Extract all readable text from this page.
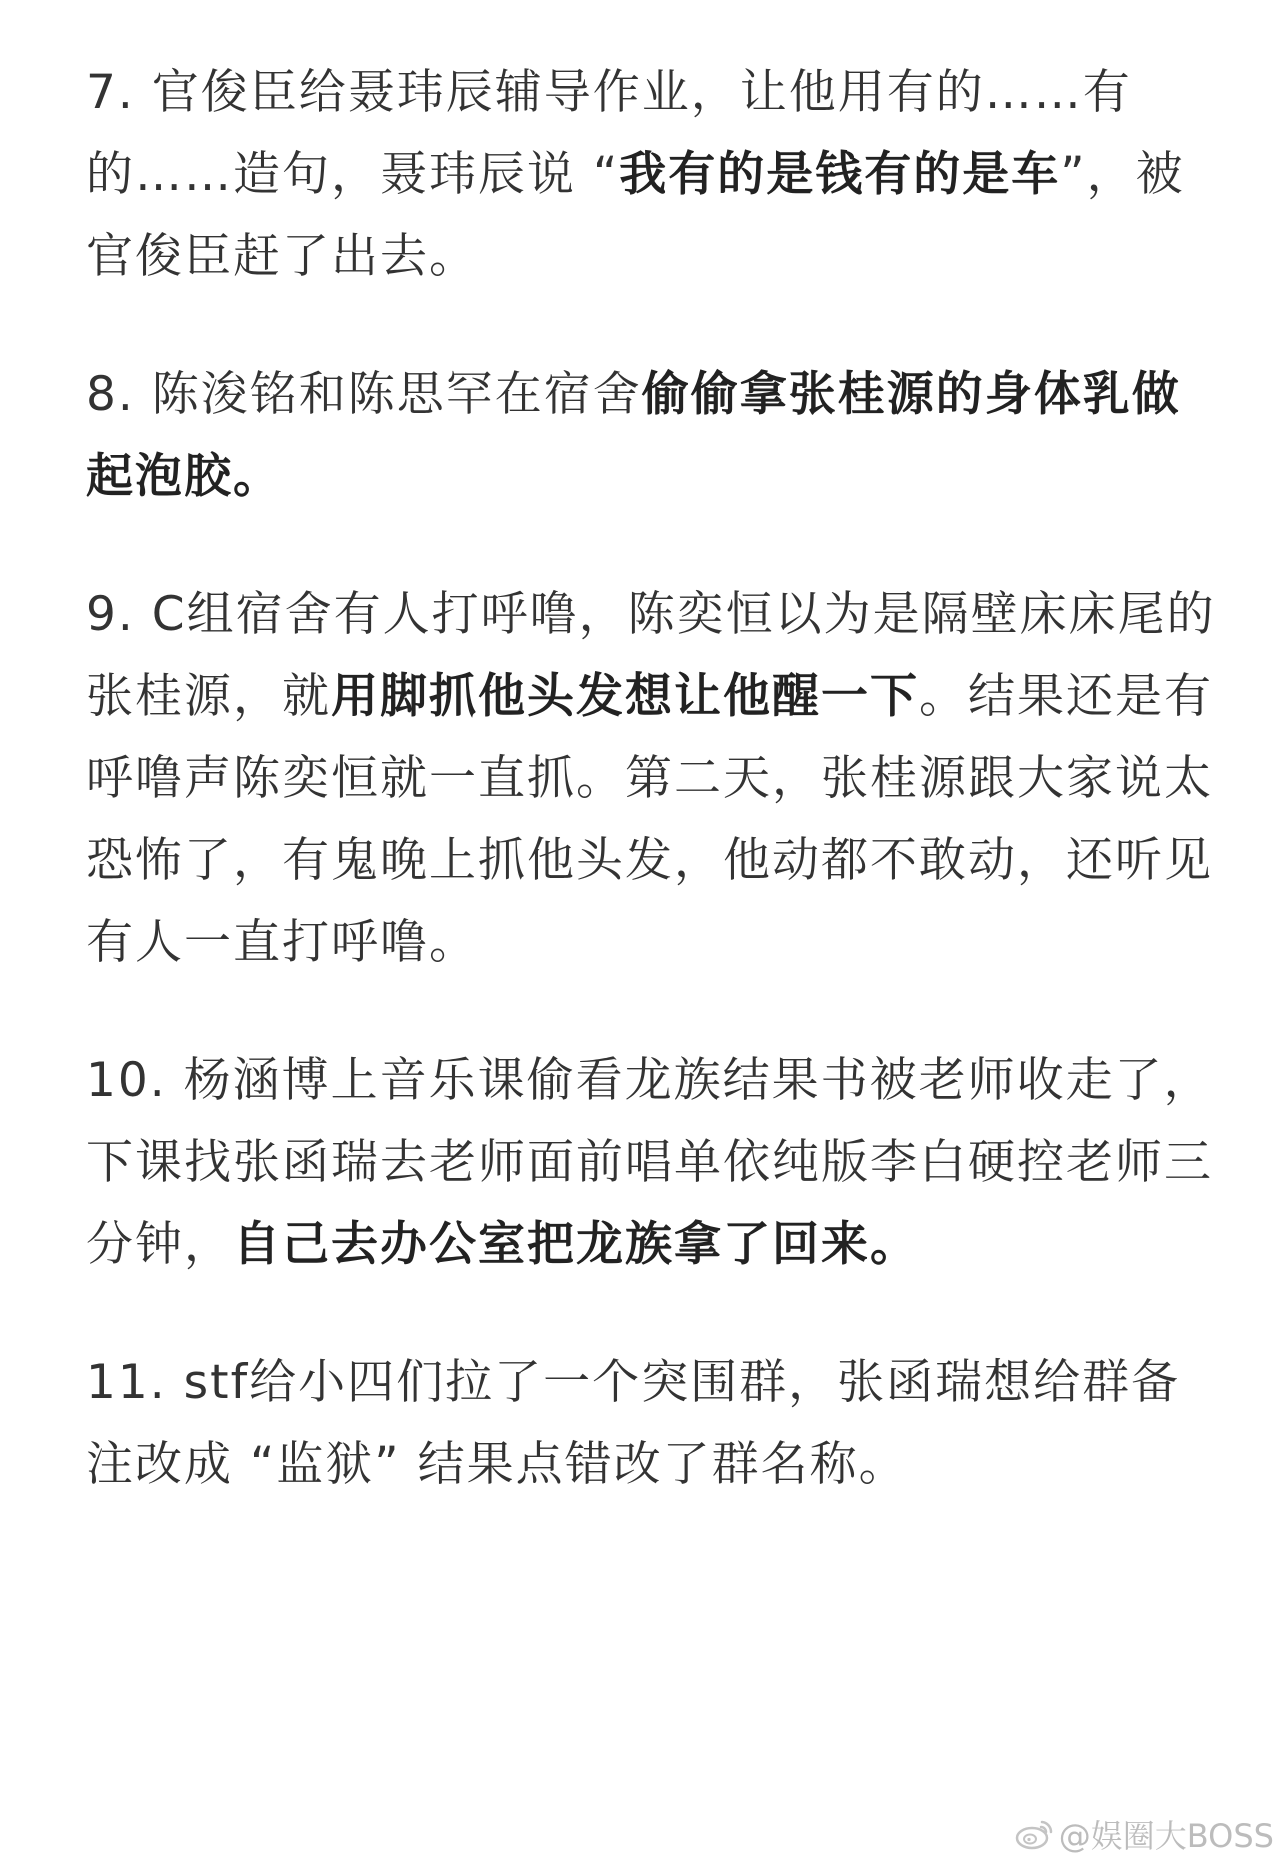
7. 官俊臣给聂玮辰辅导作业，让他用有的……有的……造句，聂玮辰说 “我有的是钱有的是车”，被官俊臣赶了出去。

8. 陈浚铭和陈思罕在宿舍偷偷拿张桂源的身体乳做起泡胶。

9. C组宿舍有人打呼噜，陈奕恒以为是隔壁床床尾的张桂源，就用脚抓他头发想让他醒一下。结果还是有呼噜声陈奕恒就一直抓。第二天，张桂源跟大家说太恐怖了，有鬼晚上抓他头发，他动都不敢动，还听见有人一直打呼噜。

10. 杨涵博上音乐课偷看龙族结果书被老师收走了，下课找张函瑞去老师面前唱单依纯版李白硬控老师三分钟，自己去办公室把龙族拿了回来。

11. stf给小四们拉了一个突围群，张函瑞想给群备注改成 “监狱” 结果点错改了群名称。

@娱圈大BOSS
